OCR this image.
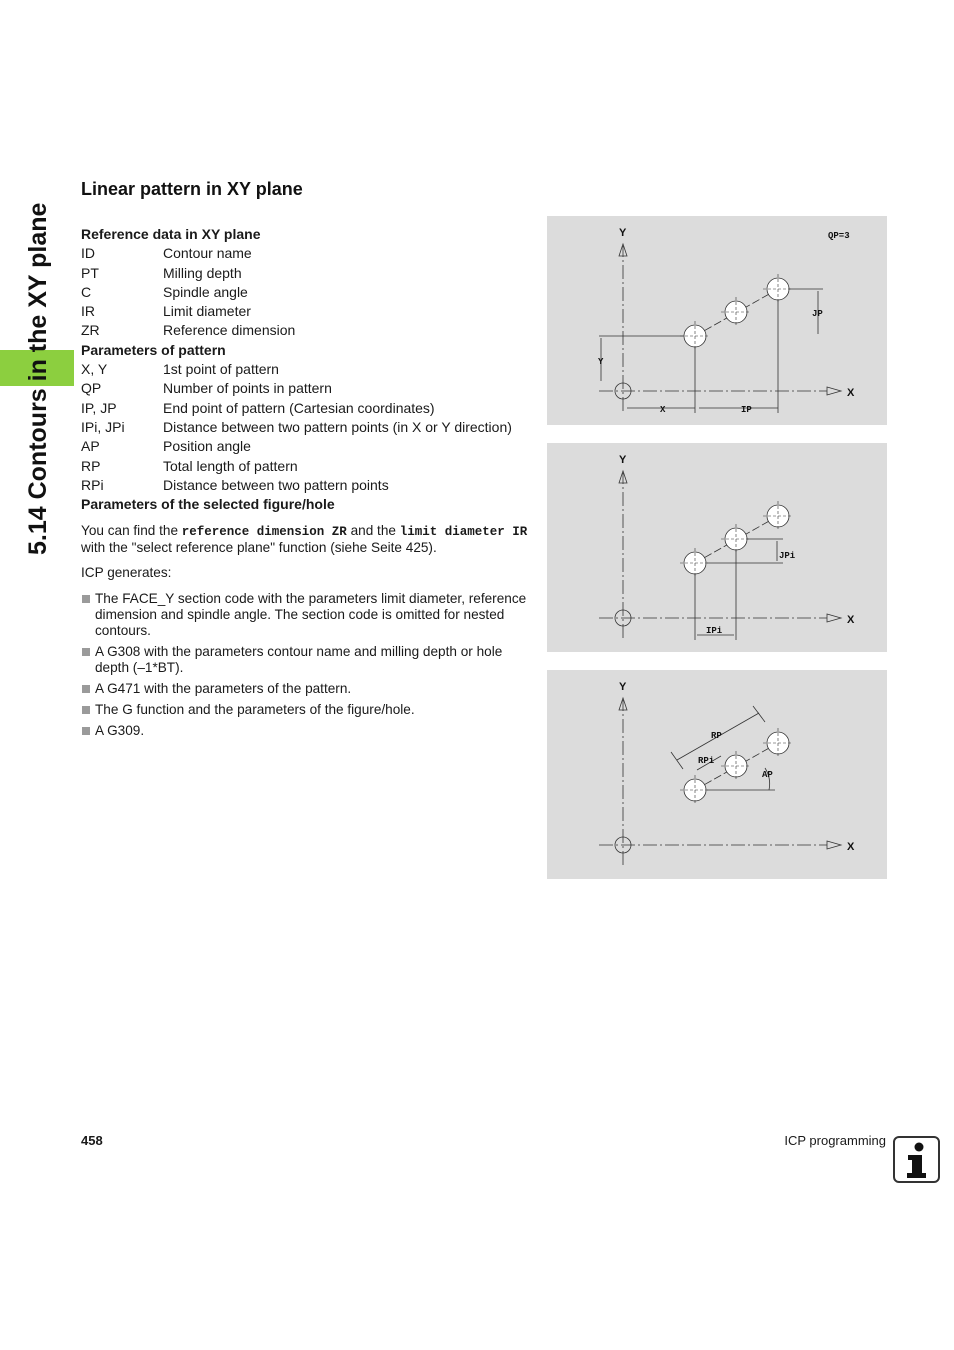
5.14 Contours in the XY plane
Linear pattern in XY plane
Reference data in XY plane
ID	Contour name
PT	Milling depth
C	Spindle angle
IR	Limit diameter
ZR	Reference dimension
Parameters of pattern
X, Y	1st point of pattern
QP	Number of points in pattern
IP, JP	End point of pattern (Cartesian coordinates)
IPi, JPi	Distance between two pattern points (in X or Y direction)
AP	Position angle
RP	Total length of pattern
RPi	Distance between two pattern points
Parameters of the selected figure/hole

You can find the reference dimension ZR and the limit diameter IR
with the "select reference plane" function (siehe Seite 425).

ICP generates:

The FACE_Y section code with the parameters limit diameter, reference dimension and spindle angle. The section code is omitted for nested contours.
A G308 with the parameters contour name and milling depth or hole depth (–1*BT).
A G471 with the parameters of the pattern.
The G function and the parameters of the figure/hole.
A G309.
Y
X
QP=3
JP
Y
X	IP
Y
X
JPi
IPi
Y
X
RP
RPi
AP
458	ICP programming
